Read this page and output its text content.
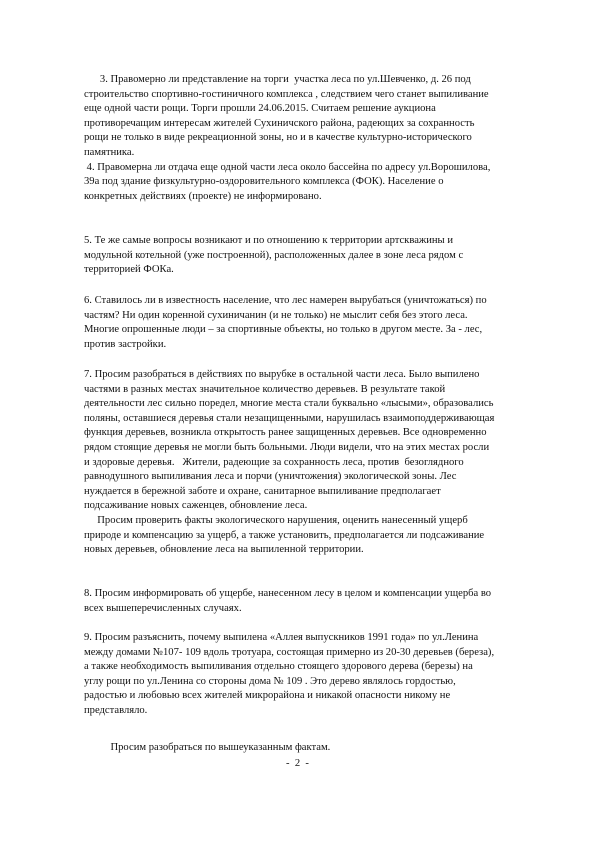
3. Правомерно ли представление на торги  участка леса по ул.Шевченко, д. 26 под
строительство спортивно-гостиничного комплекса , следствием чего станет выпиливание
еще одной части рощи. Торги прошли 24.06.2015. Считаем решение аукциона
противоречащим интересам жителей Сухиничского района, радеющих за сохранность
рощи не только в виде рекреационной зоны, но и в качестве культурно-исторического
памятника.
4. Правомерна ли отдача еще одной части леса около бассейна по адресу ул.Ворошилова,
39а под здание физкультурно-оздоровительного комплекса (ФОК). Население о
конкретных действиях (проекте) не информировано.
5. Те же самые вопросы возникают и по отношению к территории артскважины и
модульной котельной (уже построенной), расположенных далее в зоне леса рядом с
территорией ФОКа.
6. Ставилось ли в известность население, что лес намерен вырубаться (уничтожаться) по
частям? Ни один коренной сухиничанин (и не только) не мыслит себя без этого леса.
Многие опрошенные люди – за спортивные объекты, но только в другом месте. За - лес,
против застройки.
7. Просим разобраться в действиях по вырубке в остальной части леса. Было выпилено
частями в разных местах значительное количество деревьев. В результате такой
деятельности лес сильно поредел, многие места стали буквально «лысыми», образовались
поляны, оставшиеся деревья стали незащищенными, нарушилась взаимоподдерживающая
функция деревьев, возникла открытость ранее защищенных деревьев. Все одновременно
рядом стоящие деревья не могли быть больными. Люди видели, что на этих местах росли
и здоровые деревья.   Жители, радеющие за сохранность леса, против  безоглядного
равнодушного выпиливания леса и порчи (уничтожения) экологической зоны. Лес
нуждается в бережной заботе и охране, санитарное выпиливание предполагает
подсаживание новых саженцев, обновление леса.
Просим проверить факты экологического нарушения, оценить нанесенный ущерб
природе и компенсацию за ущерб, а также установить, предполагается ли подсаживание
новых деревьев, обновление леса на выпиленной территории.
8. Просим информировать об ущербе, нанесенном лесу в целом и компенсации ущерба во
всех вышеперечисленных случаях.
9. Просим разъяснить, почему выпилена «Аллея выпускников 1991 года» по ул.Ленина
между домами №107- 109 вдоль тротуара, состоящая примерно из 20-30 деревьев (береза),
а также необходимость выпиливания отдельно стоящего здорового дерева (березы) на
углу рощи по ул.Ленина со стороны дома № 109 . Это дерево являлось гордостью,
радостью и любовью всех жителей микрорайона и никакой опасности никому не
представляло.
Просим разобраться по вышеуказанным фактам.
-  2  -
